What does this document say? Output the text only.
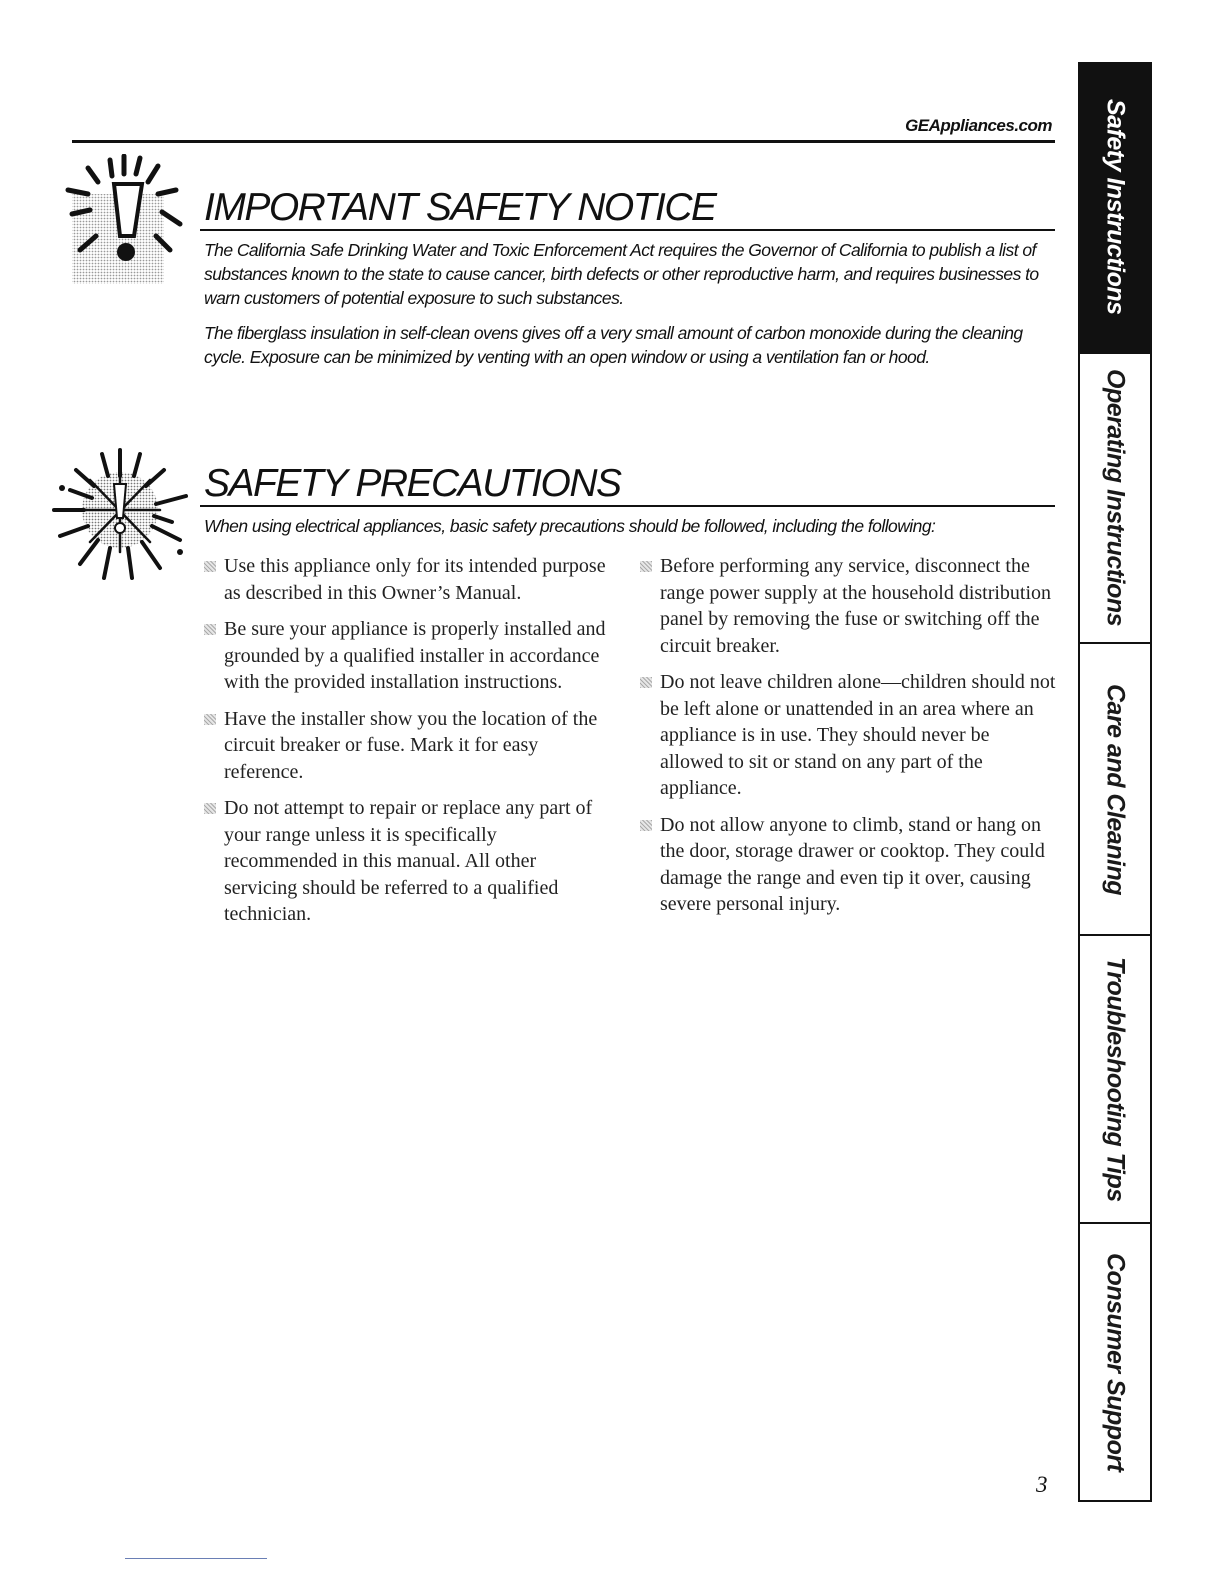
GEAppliances.com
IMPORTANT SAFETY NOTICE
The California Safe Drinking Water and Toxic Enforcement Act requires the Governor of California to publish a list of substances known to the state to cause cancer, birth defects or other reproductive harm, and requires businesses to warn customers of potential exposure to such substances.
The fiberglass insulation in self-clean ovens gives off a very small amount of carbon monoxide during the cleaning cycle. Exposure can be minimized by venting with an open window or using a ventilation fan or hood.
SAFETY PRECAUTIONS
When using electrical appliances, basic safety precautions should be followed, including the following:
Use this appliance only for its intended purpose as described in this Owner’s Manual.
Be sure your appliance is properly installed and grounded by a qualified installer in accordance with the provided installation instructions.
Have the installer show you the location of the circuit breaker or fuse. Mark it for easy reference.
Do not attempt to repair or replace any part of your range unless it is specifically recommended in this manual. All other servicing should be referred to a qualified technician.
Before performing any service, disconnect the range power supply at the household distribution panel by removing the fuse or switching off the circuit breaker.
Do not leave children alone—children should not be left alone or unattended in an area where an appliance is in use. They should never be allowed to sit or stand on any part of the appliance.
Do not allow anyone to climb, stand or hang on the door, storage drawer or cooktop. They could damage the range and even tip it over, causing severe personal injury.
Safety Instructions
Operating Instructions
Care and Cleaning
Troubleshooting Tips
Consumer Support
3
